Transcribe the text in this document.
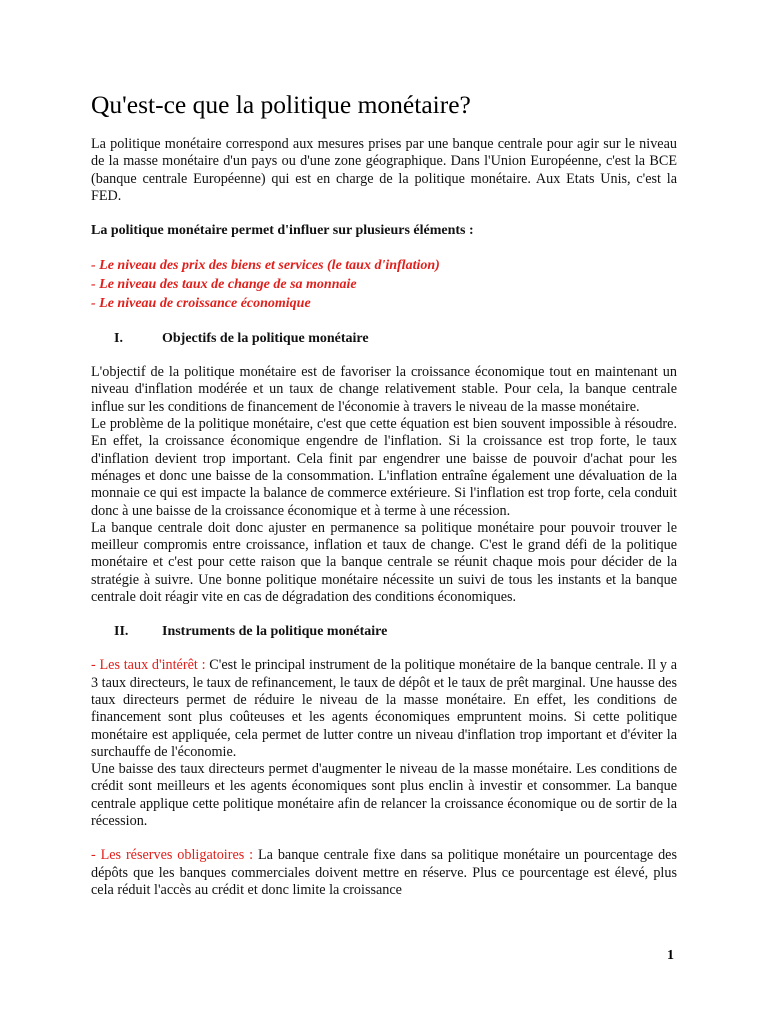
Qu'est-ce que la politique monétaire?

La politique monétaire correspond aux mesures prises par une banque centrale pour agir sur le niveau de la masse monétaire d'un pays ou d'une zone géographique. Dans l'Union Européenne, c'est la BCE (banque centrale Européenne) qui est en charge de la politique monétaire. Aux Etats Unis, c'est la FED.

La politique monétaire permet d'influer sur plusieurs éléments :

- Le niveau des prix des biens et services (le taux d'inflation)
- Le niveau des taux de change de sa monnaie
- Le niveau de croissance économique
I.	Objectifs de la politique monétaire

L'objectif de la politique monétaire est de favoriser la croissance économique tout en maintenant un niveau d'inflation modérée et un taux de change relativement stable. Pour cela, la banque centrale influe sur les conditions de financement de l'économie à travers le niveau de la masse monétaire.

Le problème de la politique monétaire, c'est que cette équation est bien souvent impossible à résoudre. En effet, la croissance économique engendre de l'inflation. Si la croissance est trop forte, le taux d'inflation devient trop important. Cela finit par engendrer une baisse de pouvoir d'achat pour les ménages et donc une baisse de la consommation. L'inflation entraîne également une dévaluation de la monnaie ce qui est impacte la balance de commerce extérieure. Si l'inflation est trop forte, cela conduit donc à une baisse de la croissance économique et à terme à une récession.

La banque centrale doit donc ajuster en permanence sa politique monétaire pour pouvoir trouver le meilleur compromis entre croissance, inflation et taux de change. C'est le grand défi de la politique monétaire et c'est pour cette raison que la banque centrale se réunit chaque mois pour décider de la stratégie à suivre. Une bonne politique monétaire nécessite un suivi de tous les instants et la banque centrale doit réagir vite en cas de dégradation des conditions économiques.

II.	Instruments de la politique monétaire

- Les taux d'intérêt : C'est le principal instrument de la politique monétaire de la banque centrale. Il y a 3 taux directeurs, le taux de refinancement, le taux de dépôt et le taux de prêt marginal. Une hausse des taux directeurs permet de réduire le niveau de la masse monétaire. En effet, les conditions de financement sont plus coûteuses et les agents économiques empruntent moins. Si cette politique monétaire est appliquée, cela permet de lutter contre un niveau d'inflation trop important et d'éviter la surchauffe de l'économie.

Une baisse des taux directeurs permet d'augmenter le niveau de la masse monétaire. Les conditions de crédit sont meilleurs et les agents économiques sont plus enclin à investir et consommer. La banque centrale applique cette politique monétaire afin de relancer la croissance économique ou de sortir de la récession.

- Les réserves obligatoires : La banque centrale fixe dans sa politique monétaire un pourcentage des dépôts que les banques commerciales doivent mettre en réserve. Plus ce pourcentage est élevé, plus cela réduit l'accès au crédit et donc limite la croissance

1
